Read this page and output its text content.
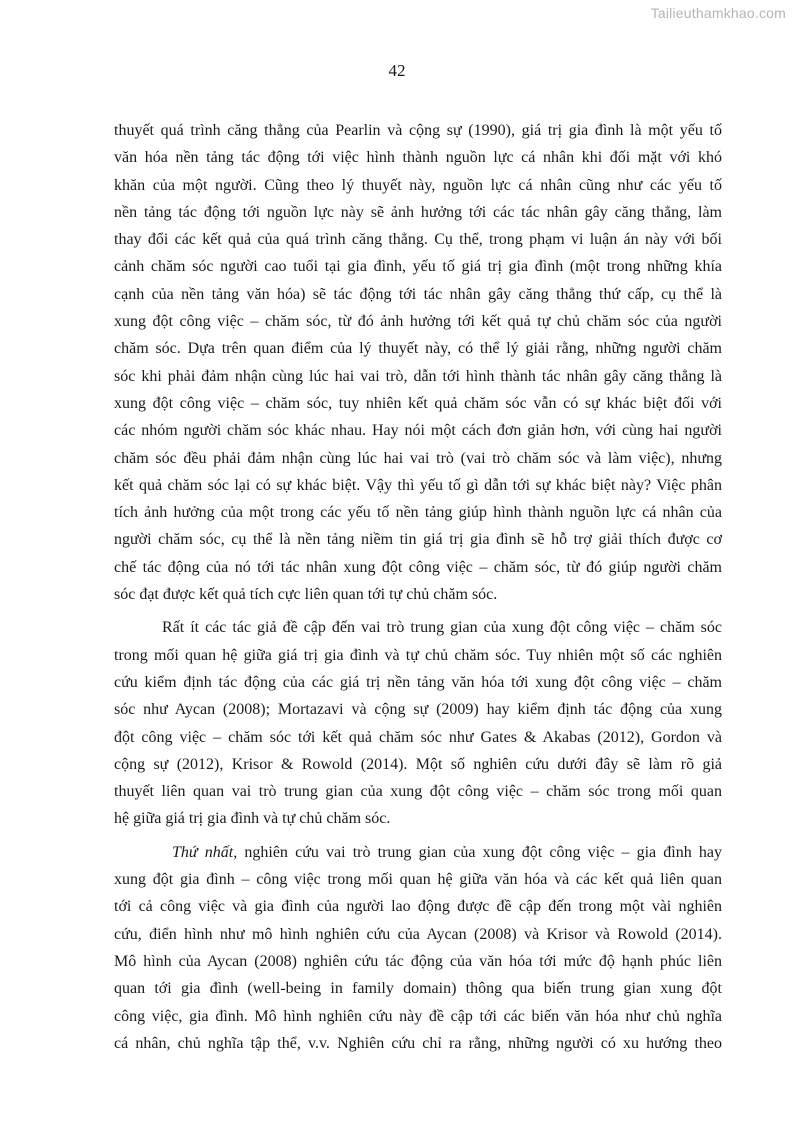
Tailieuthamkhao.com
42

thuyết quá trình căng thẳng của Pearlin và cộng sự (1990), giá trị gia đình là một yếu tố
văn hóa nền tảng tác động tới việc hình thành nguồn lực cá nhân khi đối mặt với khó
khăn của một người. Cũng theo lý thuyết này, nguồn lực cá nhân cũng như các yếu tố
nền tảng tác động tới nguồn lực này sẽ ảnh hưởng tới các tác nhân gây căng thẳng, làm
thay đổi các kết quả của quá trình căng thẳng. Cụ thể, trong phạm vi luận án này với bối
cảnh chăm sóc người cao tuổi tại gia đình, yếu tố giá trị gia đình (một trong những khía
cạnh của nền tảng văn hóa) sẽ tác động tới tác nhân gây căng thẳng thứ cấp, cụ thể là
xung đột công việc – chăm sóc, từ đó ảnh hưởng tới kết quả tự chủ chăm sóc của người
chăm sóc. Dựa trên quan điểm của lý thuyết này, có thể lý giải rằng, những người chăm
sóc khi phải đảm nhận cùng lúc hai vai trò, dẫn tới hình thành tác nhân gây căng thẳng là
xung đột công việc – chăm sóc, tuy nhiên kết quả chăm sóc vẫn có sự khác biệt đối với
các nhóm người chăm sóc khác nhau. Hay nói một cách đơn giản hơn, với cùng hai người
chăm sóc đều phải đảm nhận cùng lúc hai vai trò (vai trò chăm sóc và làm việc), nhưng
kết quả chăm sóc lại có sự khác biệt. Vậy thì yếu tố gì dẫn tới sự khác biệt này? Việc phân
tích ảnh hưởng của một trong các yếu tố nền tảng giúp hình thành nguồn lực cá nhân của
người chăm sóc, cụ thể là nền tảng niềm tin giá trị gia đình sẽ hỗ trợ giải thích được cơ
chế tác động của nó tới tác nhân xung đột công việc – chăm sóc, từ đó giúp người chăm
sóc đạt được kết quả tích cực liên quan tới tự chủ chăm sóc.

Rất ít các tác giả đề cập đến vai trò trung gian của xung đột công việc – chăm sóc
trong mối quan hệ giữa giá trị gia đình và tự chủ chăm sóc. Tuy nhiên một số các nghiên
cứu kiểm định tác động của các giá trị nền tảng văn hóa tới xung đột công việc – chăm
sóc như Aycan (2008); Mortazavi và cộng sự (2009) hay kiểm định tác động của xung
đột công việc – chăm sóc tới kết quả chăm sóc như Gates & Akabas (2012), Gordon và
cộng sự (2012), Krisor & Rowold (2014). Một số nghiên cứu dưới đây sẽ làm rõ giả
thuyết liên quan vai trò trung gian của xung đột công việc – chăm sóc trong mối quan
hệ giữa giá trị gia đình và tự chủ chăm sóc.

Thứ nhất, nghiên cứu vai trò trung gian của xung đột công việc – gia đình hay
xung đột gia đình – công việc trong mối quan hệ giữa văn hóa và các kết quả liên quan
tới cả công việc và gia đình của người lao động được đề cập đến trong một vài nghiên
cứu, điển hình như mô hình nghiên cứu của Aycan (2008) và Krisor và Rowold (2014).
Mô hình của Aycan (2008) nghiên cứu tác động của văn hóa tới mức độ hạnh phúc liên
quan tới gia đình (well-being in family domain) thông qua biến trung gian xung đột
công việc, gia đình. Mô hình nghiên cứu này đề cập tới các biến văn hóa như chủ nghĩa
cá nhân, chủ nghĩa tập thể, v.v. Nghiên cứu chỉ ra rằng, những người có xu hướng theo
